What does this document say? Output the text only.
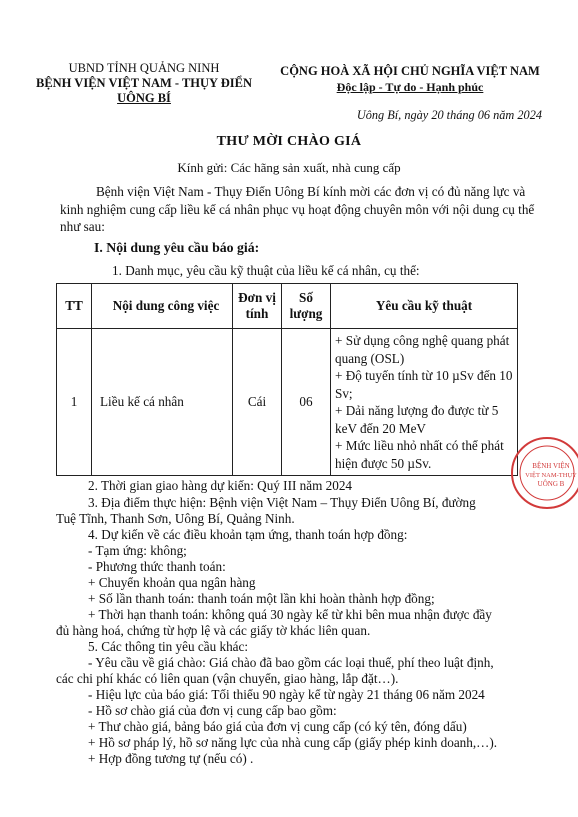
UBND TỈNH QUẢNG NINH
BỆNH VIỆN VIỆT NAM - THỤY ĐIỂN
UÔNG BÍ
CỘNG HOÀ XÃ HỘI CHỦ NGHĨA VIỆT NAM
Độc lập - Tự do - Hạnh phúc
Uông Bí, ngày 20 tháng 06 năm 2024
THƯ MỜI CHÀO GIÁ
Kính gửi: Các hãng sản xuất, nhà cung cấp
Bệnh viện Việt Nam - Thụy Điển Uông Bí kính mời các đơn vị có đủ năng lực và kinh nghiệm cung cấp liều kế cá nhân phục vụ hoạt động chuyên môn với nội dung cụ thể như sau:
I. Nội dung yêu cầu báo giá:
1. Danh mục, yêu cầu kỹ thuật của liều kế cá nhân, cụ thể:
TT	Nội dung công việc	Đơn vị tính	Số lượng	Yêu cầu kỹ thuật
1	Liều kế cá nhân	Cái	06	+ Sử dụng công nghệ quang phát quang (OSL)
+ Độ tuyến tính từ 10 µSv đến 10 Sv;
+ Dải năng lượng đo được từ 5 keV đến 20 MeV
+ Mức liều nhỏ nhất có thể phát hiện được 50 µSv.
2. Thời gian giao hàng dự kiến: Quý III năm 2024
3. Địa điểm thực hiện: Bệnh viện Việt Nam – Thụy Điển Uông Bí, đường
Tuệ Tĩnh, Thanh Sơn, Uông Bí, Quảng Ninh.
4. Dự kiến về các điều khoản tạm ứng, thanh toán hợp đồng:
- Tạm ứng: không;
- Phương thức thanh toán:
+ Chuyển khoản qua ngân hàng
+ Số lần thanh toán: thanh toán một lần khi hoàn thành hợp đồng;
+ Thời hạn thanh toán: không quá 30 ngày kể từ khi bên mua nhận được đầy
đủ hàng hoá, chứng từ hợp lệ và các giấy tờ khác liên quan.
5. Các thông tin yêu cầu khác:
- Yêu cầu về giá chào: Giá chào đã bao gồm các loại thuế, phí theo luật định,
các chi phí khác có liên quan (vận chuyển, giao hàng, lắp đặt…).
- Hiệu lực của báo giá: Tối thiểu 90 ngày kể từ ngày 21 tháng 06 năm 2024
- Hồ sơ chào giá của đơn vị cung cấp bao gồm:
+ Thư chào giá, bảng báo giá của đơn vị cung cấp (có ký tên, đóng dấu)
+ Hồ sơ pháp lý, hồ sơ năng lực của nhà cung cấp (giấy phép kinh doanh,…).
+ Hợp đồng tương tự (nếu có) .
BỆNH VIỆN
VIỆT NAM-THỤY
UÔNG B
